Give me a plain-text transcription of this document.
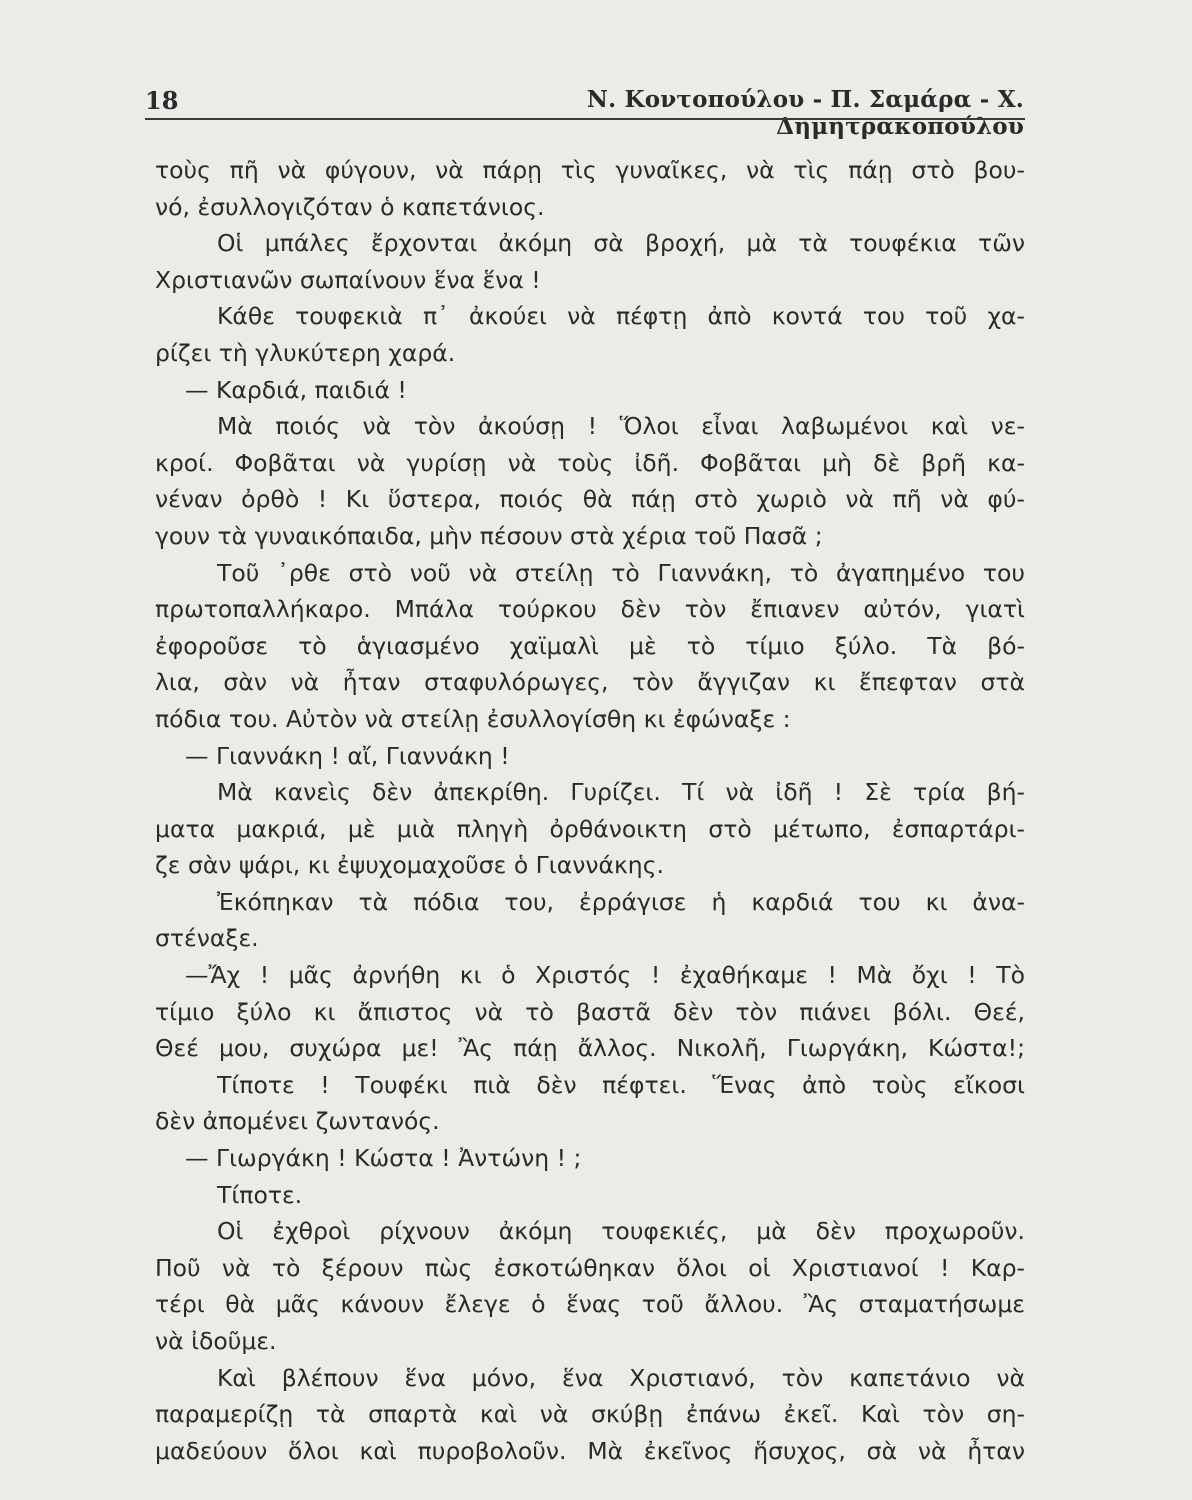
18	Ν. Κοντοπούλου - Π. Σαμάρα - Χ. Δημητρακοπούλου
τοὺς πῆ νὰ φύγουν, νὰ πάρῃ τὶς γυναῖκες, νὰ τὶς πάῃ στὸ βου-
νό, ἐσυλλογιζόταν ὁ καπετάνιος.
Οἱ μπάλες ἔρχονται ἀκόμη σὰ βροχή, μὰ τὰ τουφέκια τῶν
Χριστιανῶν σωπαίνουν ἕνα ἕνα !
Κάθε τουφεκιὰ π᾽ ἀκούει νὰ πέφτῃ ἀπὸ κοντά του τοῦ χα-
ρίζει τὴ γλυκύτερη χαρά.
— Καρδιά, παιδιά !
Μὰ ποιός νὰ τὸν ἀκούσῃ ! Ὅλοι εἶναι λαβωμένοι καὶ νε-
κροί. Φοβᾶται νὰ γυρίσῃ νὰ τοὺς ἰδῆ. Φοβᾶται μὴ δὲ βρῆ κα-
νέναν ὀρθὸ ! Κι ὕστερα, ποιός θὰ πάῃ στὸ χωριὸ νὰ πῆ νὰ φύ-
γουν τὰ γυναικόπαιδα, μὴν πέσουν στὰ χέρια τοῦ Πασᾶ ;
Τοῦ ᾽ρθε στὸ νοῦ νὰ στείλῃ τὸ Γιαννάκη, τὸ ἀγαπημένο του
πρωτοπαλλήκαρο. Μπάλα τούρκου δὲν τὸν ἔπιανεν αὐτόν, γιατὶ
ἐφοροῦσε τὸ ἁγιασμένο χαϊμαλὶ μὲ τὸ τίμιο ξύλο. Τὰ βό-
λια, σὰν νὰ ἦταν σταφυλόρωγες, τὸν ἄγγιζαν κι ἔπεφταν στὰ
πόδια του. Αὐτὸν νὰ στείλῃ ἐσυλλογίσθη κι ἐφώναξε :
— Γιαννάκη ! αἴ, Γιαννάκη !
Μὰ κανεὶς δὲν ἀπεκρίθη. Γυρίζει. Τί νὰ ἰδῆ ! Σὲ τρία βή-
ματα μακριά, μὲ μιὰ πληγὴ ὀρθάνοικτη στὸ μέτωπο, ἐσπαρτάρι-
ζε σὰν ψάρι, κι ἐψυχομαχοῦσε ὁ Γιαννάκης.
Ἐκόπηκαν τὰ πόδια του, ἐρράγισε ἡ καρδιά του κι ἀνα-
στέναξε.
—Ἄχ ! μᾶς ἀρνήθη κι ὁ Χριστός ! ἐχαθήκαμε ! Μὰ ὄχι ! Τὸ
τίμιο ξύλο κι ἄπιστος νὰ τὸ βαστᾶ δὲν τὸν πιάνει βόλι. Θεέ,
Θεέ μου, συχώρα με! Ἂς πάῃ ἄλλος. Νικολῆ, Γιωργάκη, Κώστα!;
Τίποτε ! Τουφέκι πιὰ δὲν πέφτει. Ἕνας ἀπὸ τοὺς εἴκοσι
δὲν ἀπομένει ζωντανός.
— Γιωργάκη ! Κώστα ! Ἀντώνη ! ;
Τίποτε.
Οἱ ἐχθροὶ ρίχνουν ἀκόμη τουφεκιές, μὰ δὲν προχωροῦν.
Ποῦ νὰ τὸ ξέρουν πὼς ἐσκοτώθηκαν ὅλοι οἱ Χριστιανοί ! Καρ-
τέρι θὰ μᾶς κάνουν ἔλεγε ὁ ἕνας τοῦ ἄλλου. Ἂς σταματήσωμε
νὰ ἰδοῦμε.
Καὶ βλέπουν ἕνα μόνο, ἕνα Χριστιανό, τὸν καπετάνιο νὰ
παραμερίζῃ τὰ σπαρτὰ καὶ νὰ σκύβῃ ἐπάνω ἐκεῖ. Καὶ τὸν ση-
μαδεύουν ὅλοι καὶ πυροβολοῦν. Μὰ ἐκεῖνος ἥσυχος, σὰ νὰ ἦταν
